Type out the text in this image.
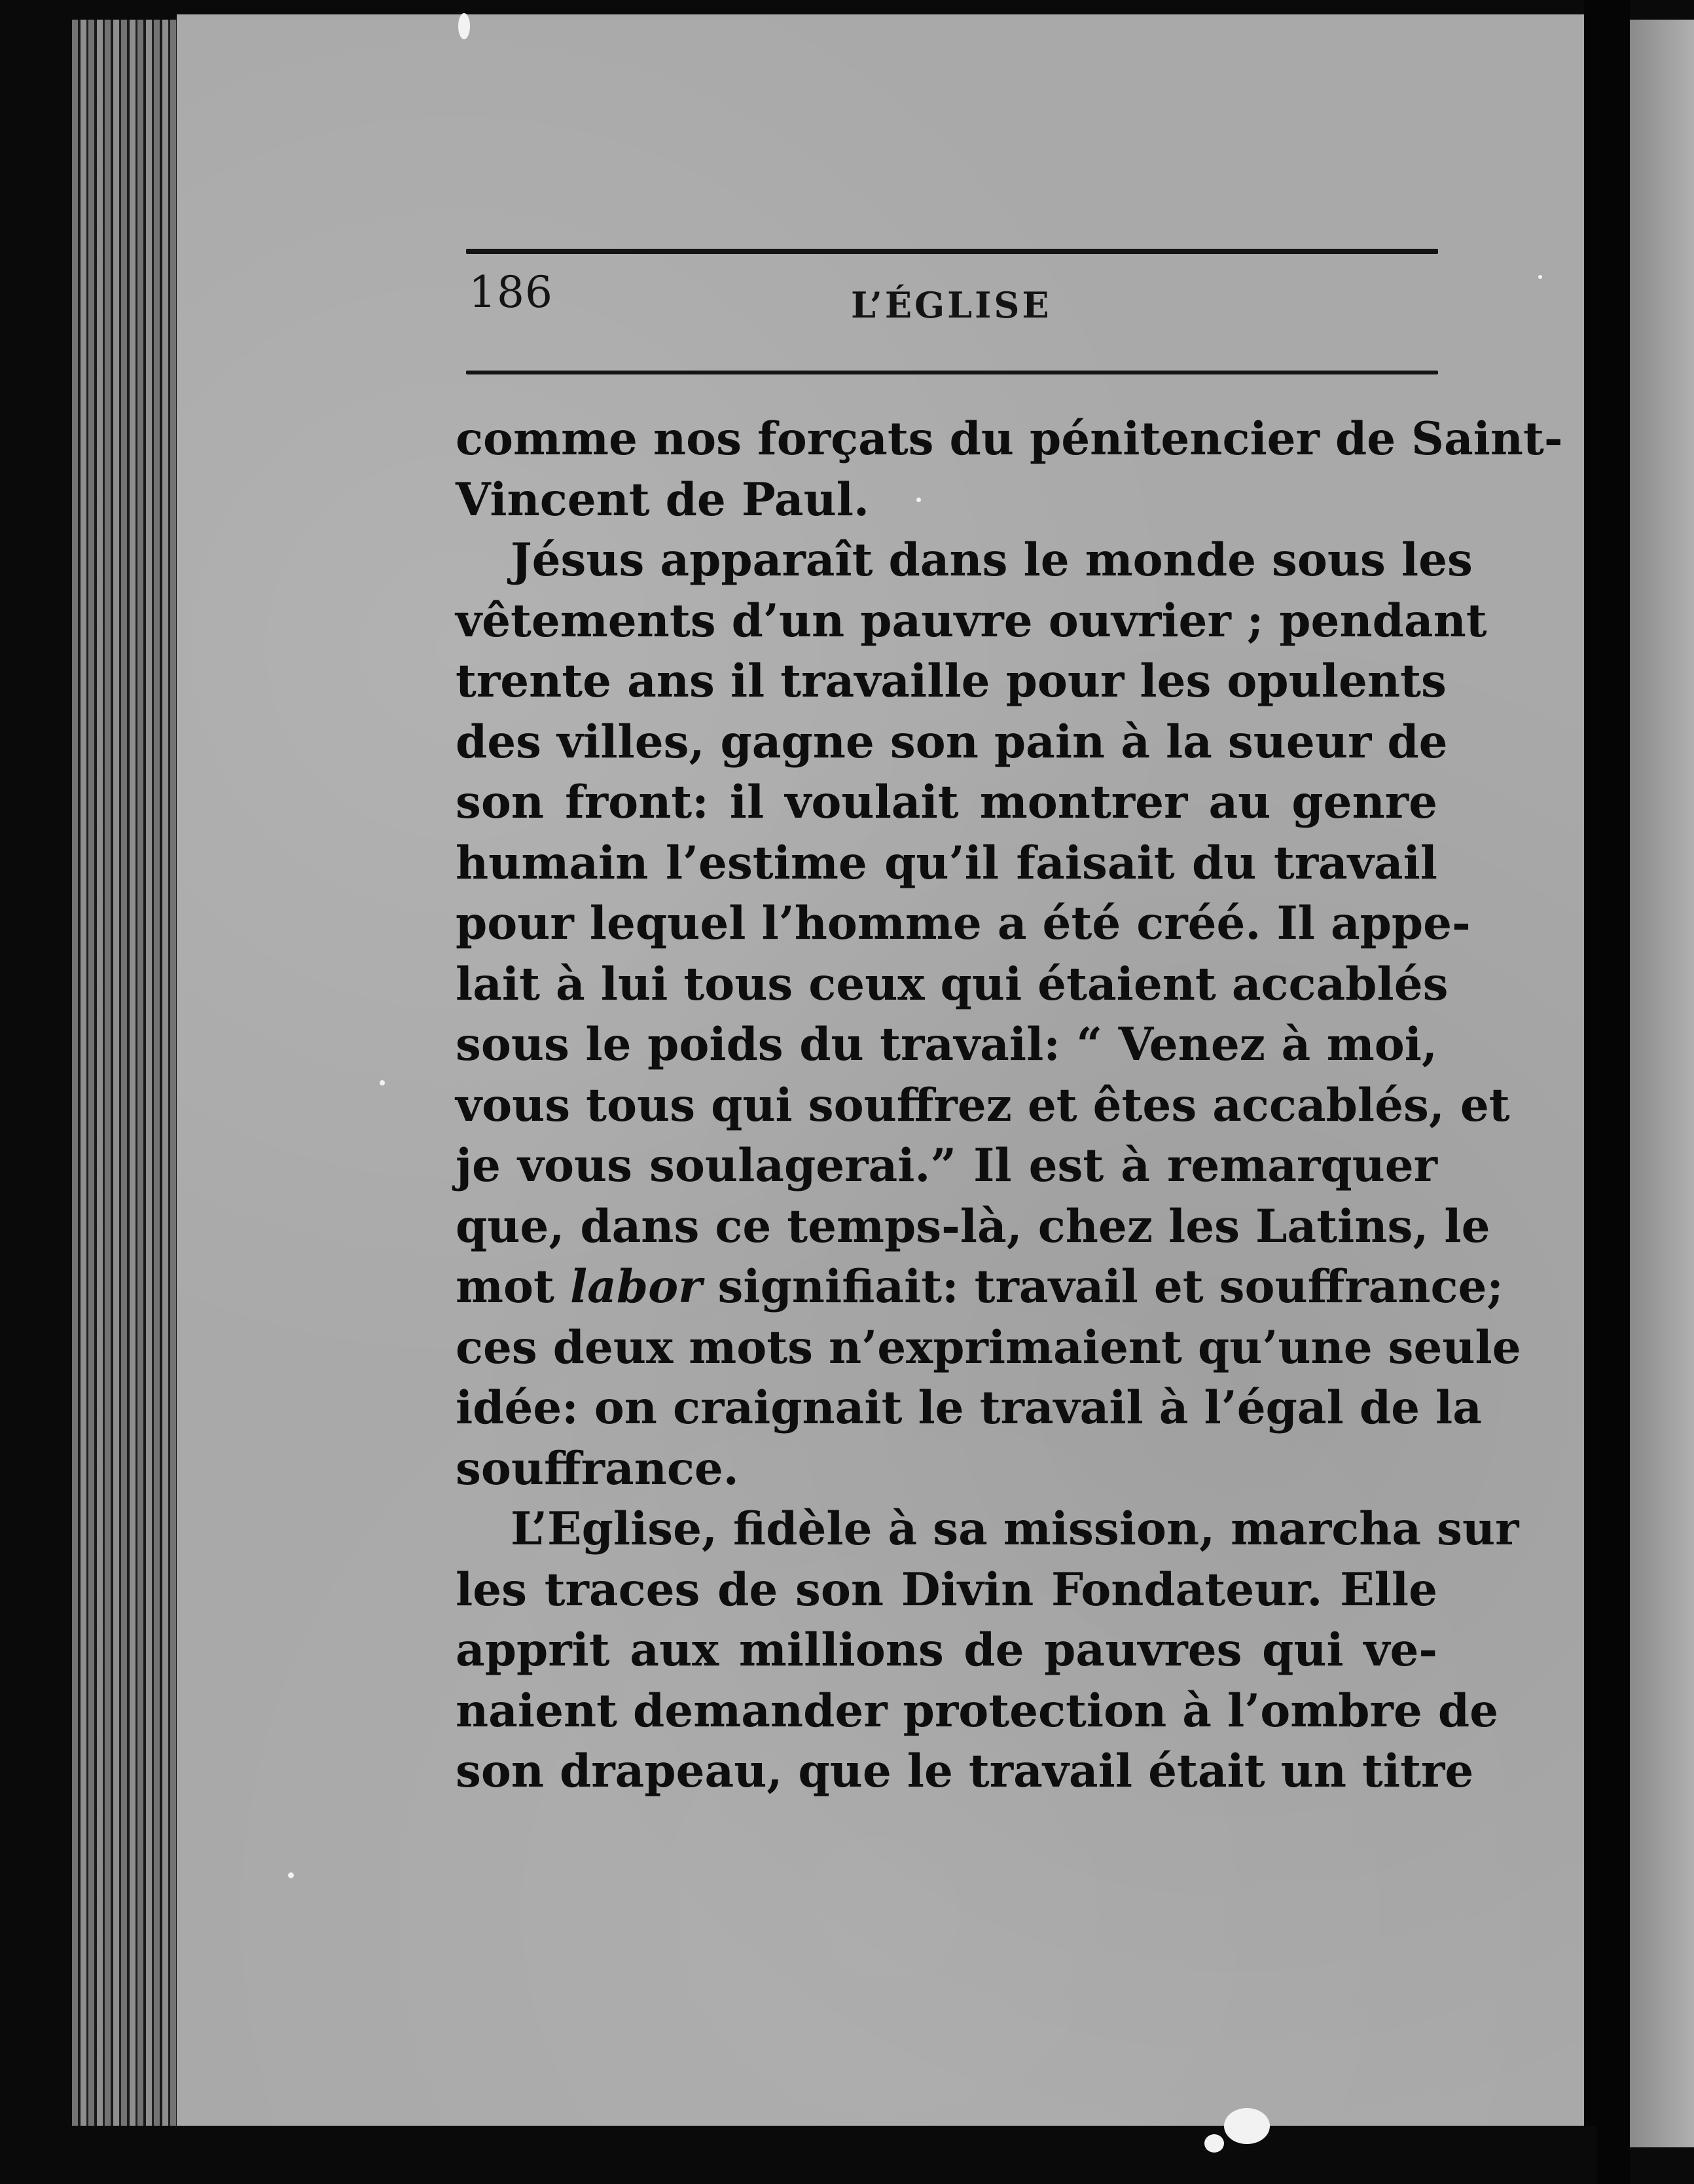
186	L’ÉGLISE
comme nos forçats du pénitencier de Saint-
Vincent de Paul.
Jésus apparaît dans le monde sous les
vêtements d’un pauvre ouvrier ; pendant
trente ans il travaille pour les opulents
des villes, gagne son pain à la sueur de
son front: il voulait montrer au genre
humain l’estime qu’il faisait du travail
pour lequel l’homme a été créé. Il appe-
lait à lui tous ceux qui étaient accablés
sous le poids du travail: “ Venez à moi,
vous tous qui souffrez et êtes accablés, et
je vous soulagerai.” Il est à remarquer
que, dans ce temps-là, chez les Latins, le
mot labor signifiait: travail et souffrance;
ces deux mots n’exprimaient qu’une seule
idée: on craignait le travail à l’égal de la
souffrance.
L’Eglise, fidèle à sa mission, marcha sur
les traces de son Divin Fondateur. Elle
apprit aux millions de pauvres qui ve-
naient demander protection à l’ombre de
son drapeau, que le travail était un titre
